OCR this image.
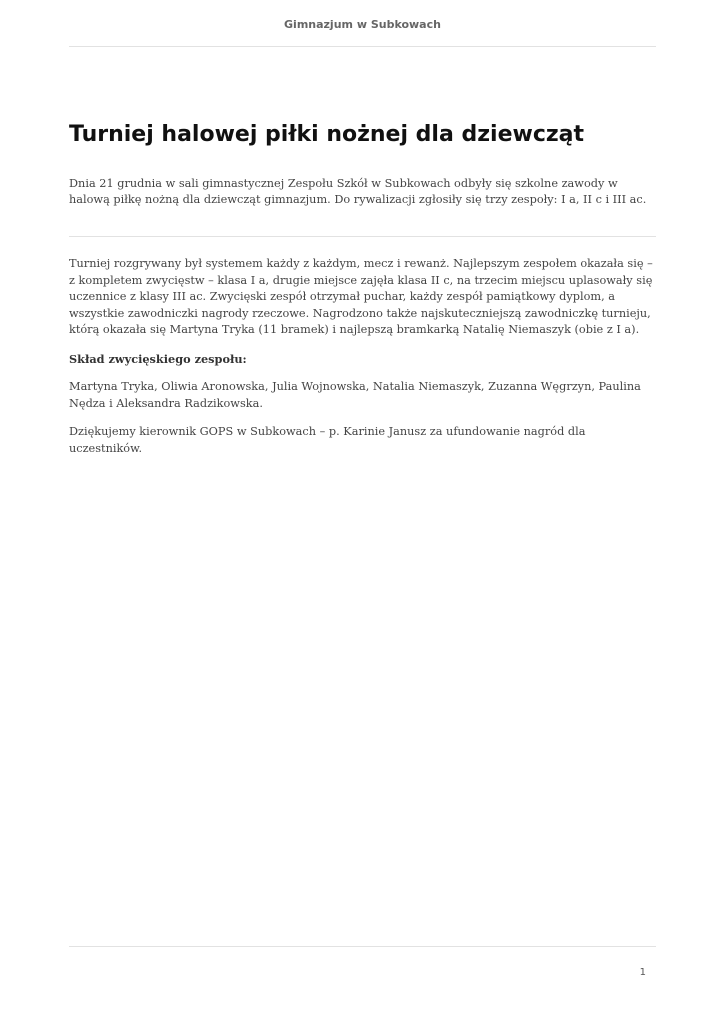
Gimnazjum w Subkowach
Turniej halowej piłki nożnej dla dziewcząt

Dnia 21 grudnia w sali gimnastycznej Zespołu Szkół w Subkowach odbyły się szkolne zawody w halową piłkę nożną dla dziewcząt gimnazjum. Do rywalizacji zgłosiły się trzy zespoły: I a, II c i III ac.

Turniej rozgrywany był systemem każdy z każdym, mecz i rewanż. Najlepszym zespołem okazała się – z kompletem zwycięstw – klasa I a, drugie miejsce zajęła klasa II c, na trzecim miejscu uplasowały się uczennice z klasy III ac. Zwycięski zespół otrzymał puchar, każdy zespół pamiątkowy dyplom, a wszystkie zawodniczki nagrody rzeczowe. Nagrodzono także najskuteczniejszą zawodniczkę turnieju, którą okazała się Martyna Tryka (11 bramek) i najlepszą bramkarką Natalię Niemaszyk (obie z I a).

Skład zwycięskiego zespołu:

Martyna Tryka, Oliwia Aronowska, Julia Wojnowska, Natalia Niemaszyk, Zuzanna Węgrzyn, Paulina Nędza i Aleksandra Radzikowska.

Dziękujemy kierownik GOPS w Subkowach – p. Karinie Janusz za ufundowanie nagród dla uczestników.

1
